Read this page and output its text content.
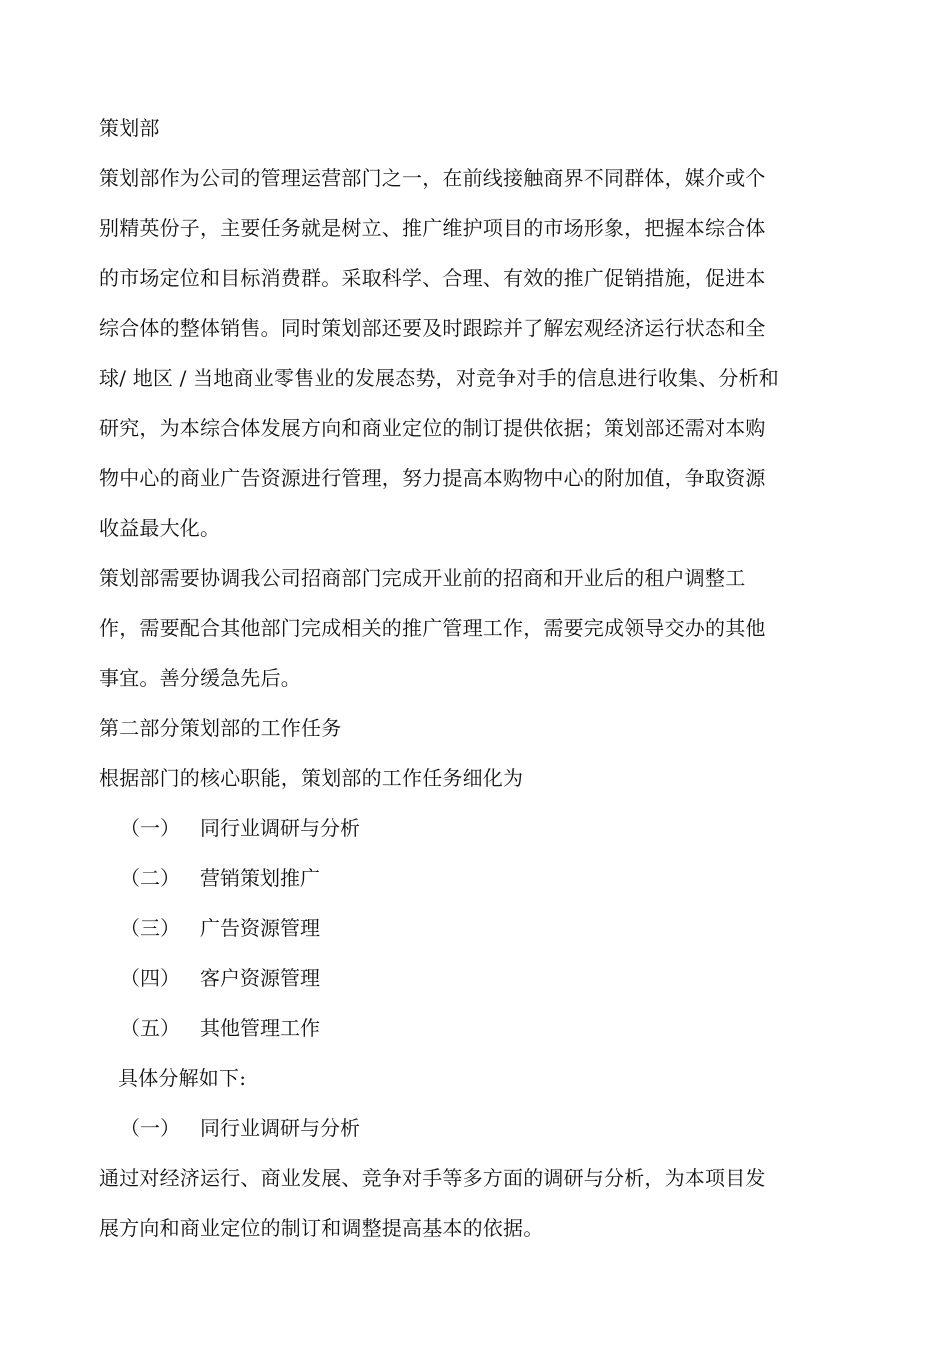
策划部
策划部作为公司的管理运营部门之一，在前线接触商界不同群体，媒介或个
别精英份子，主要任务就是树立、推广维护项目的市场形象，把握本综合体
的市场定位和目标消费群。采取科学、合理、有效的推广促销措施，促进本
综合体的整体销售。同时策划部还要及时跟踪并了解宏观经济运行状态和全
球/ 地区 / 当地商业零售业的发展态势，对竞争对手的信息进行收集、分析和
研究，为本综合体发展方向和商业定位的制订提供依据；策划部还需对本购
物中心的商业广告资源进行管理，努力提高本购物中心的附加值，争取资源
收益最大化。
策划部需要协调我公司招商部门完成开业前的招商和开业后的租户调整工
作，需要配合其他部门完成相关的推广管理工作，需要完成领导交办的其他
事宜。善分缓急先后。
第二部分策划部的工作任务
根据部门的核心职能，策划部的工作任务细化为
（一） 同行业调研与分析
（二） 营销策划推广
（三） 广告资源管理
（四） 客户资源管理
（五） 其他管理工作
具体分解如下:
（一） 同行业调研与分析
通过对经济运行、商业发展、竞争对手等多方面的调研与分析，为本项目发
展方向和商业定位的制订和调整提高基本的依据。
